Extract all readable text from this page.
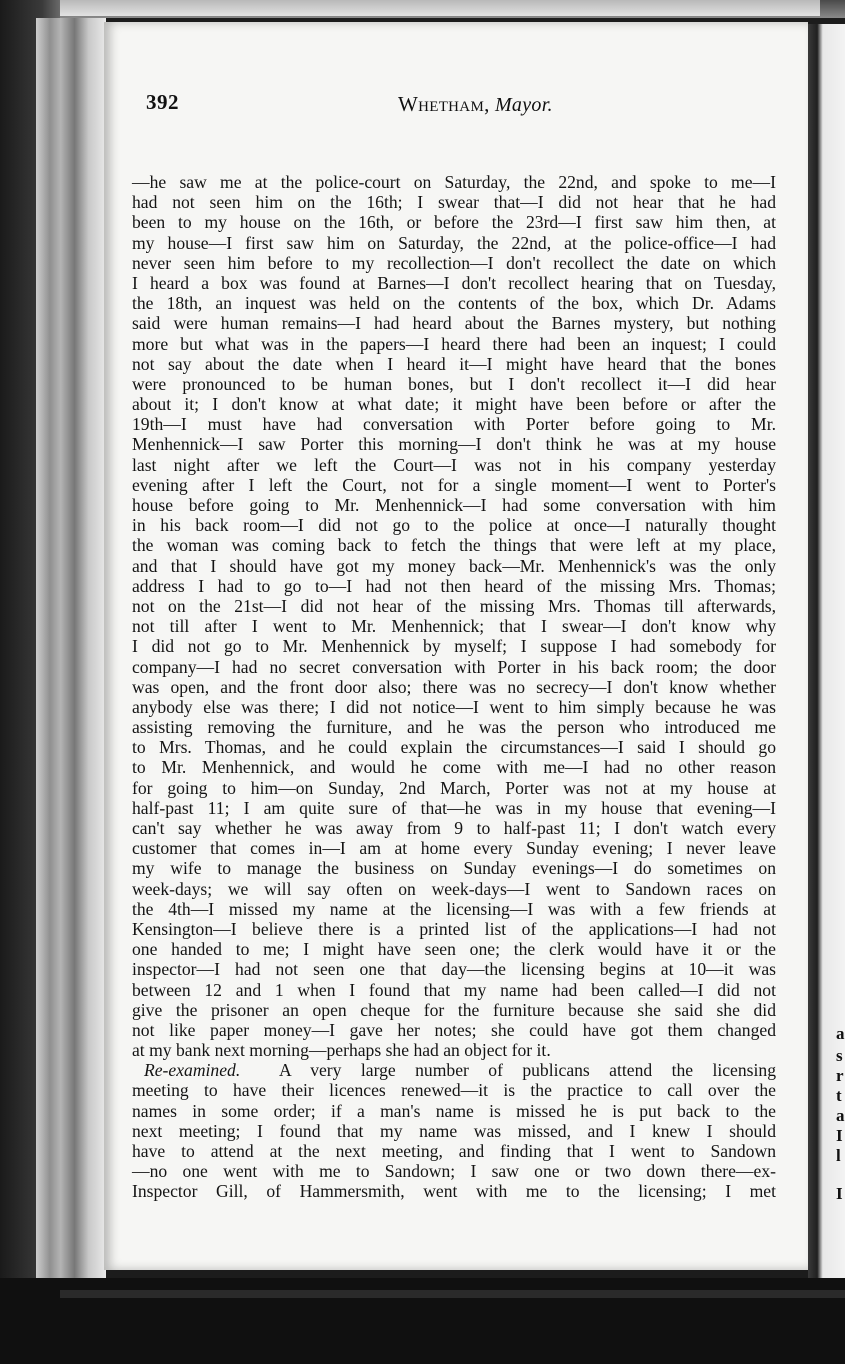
a
s
r
t
a
I
l
I
392	Whetham, Mayor.
—he saw me at the police-court on Saturday, the 22nd, and spoke to me—I
had not seen him on the 16th; I swear that—I did not hear that he had
been to my house on the 16th, or before the 23rd—I first saw him then, at
my house—I first saw him on Saturday, the 22nd, at the police-office—I had
never seen him before to my recollection—I don't recollect the date on which
I heard a box was found at Barnes—I don't recollect hearing that on Tuesday,
the 18th, an inquest was held on the contents of the box, which Dr. Adams
said were human remains—I had heard about the Barnes mystery, but nothing
more but what was in the papers—I heard there had been an inquest; I could
not say about the date when I heard it—I might have heard that the bones
were pronounced to be human bones, but I don't recollect it—I did hear
about it; I don't know at what date; it might have been before or after the
19th—I must have had conversation with Porter before going to Mr.
Menhennick—I saw Porter this morning—I don't think he was at my house
last night after we left the Court—I was not in his company yesterday
evening after I left the Court, not for a single moment—I went to Porter's
house before going to Mr. Menhennick—I had some conversation with him
in his back room—I did not go to the police at once—I naturally thought
the woman was coming back to fetch the things that were left at my place,
and that I should have got my money back—Mr. Menhennick's was the only
address I had to go to—I had not then heard of the missing Mrs. Thomas;
not on the 21st—I did not hear of the missing Mrs. Thomas till afterwards,
not till after I went to Mr. Menhennick; that I swear—I don't know why
I did not go to Mr. Menhennick by myself; I suppose I had somebody for
company—I had no secret conversation with Porter in his back room; the door
was open, and the front door also; there was no secrecy—I don't know whether
anybody else was there; I did not notice—I went to him simply because he was
assisting removing the furniture, and he was the person who introduced me
to Mrs. Thomas, and he could explain the circumstances—I said I should go
to Mr. Menhennick, and would he come with me—I had no other reason
for going to him—on Sunday, 2nd March, Porter was not at my house at
half-past 11; I am quite sure of that—he was in my house that evening—I
can't say whether he was away from 9 to half-past 11; I don't watch every
customer that comes in—I am at home every Sunday evening; I never leave
my wife to manage the business on Sunday evenings—I do sometimes on
week-days; we will say often on week-days—I went to Sandown races on
the 4th—I missed my name at the licensing—I was with a few friends at
Kensington—I believe there is a printed list of the applications—I had not
one handed to me; I might have seen one; the clerk would have it or the
inspector—I had not seen one that day—the licensing begins at 10—it was
between 12 and 1 when I found that my name had been called—I did not
give the prisoner an open cheque for the furniture because she said she did
not like paper money—I gave her notes; she could have got them changed
at my bank next morning—perhaps she had an object for it.
Re-examined.  A very large number of publicans attend the licensing
meeting to have their licences renewed—it is the practice to call over the
names in some order; if a man's name is missed he is put back to the
next meeting; I found that my name was missed, and I knew I should
have to attend at the next meeting, and finding that I went to Sandown
—no one went with me to Sandown; I saw one or two down there—ex-
Inspector Gill, of Hammersmith, went with me to the licensing; I met
